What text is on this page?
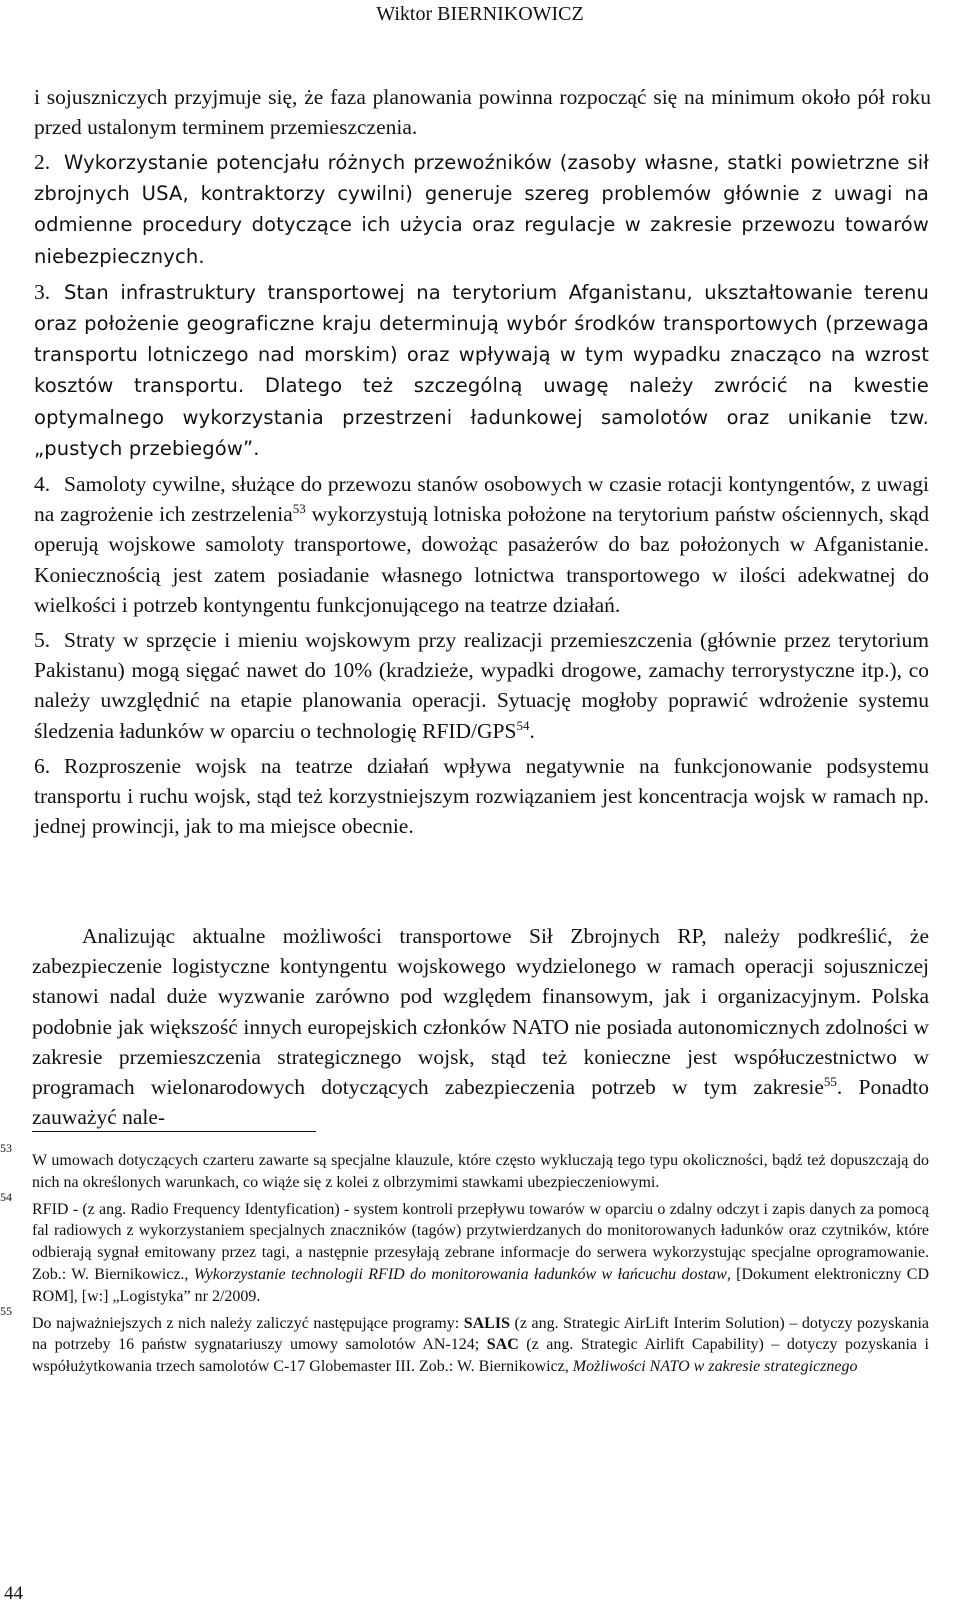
Wiktor BIERNIKOWICZ

i sojuszniczych przyjmuje się, że faza planowania powinna rozpocząć się na minimum około pół roku przed ustalonym terminem przemieszczenia.

2. Wykorzystanie potencjału różnych przewoźników (zasoby własne, statki powietrzne sił zbrojnych USA, kontraktorzy cywilni) generuje szereg problemów głównie z uwagi na odmienne procedury dotyczące ich użycia oraz regulacje w zakresie przewozu towarów niebezpiecznych.
3. Stan infrastruktury transportowej na terytorium Afganistanu, ukształtowanie terenu oraz położenie geograficzne kraju determinują wybór środków transportowych (przewaga transportu lotniczego nad morskim) oraz wpływają w tym wypadku znacząco na wzrost kosztów transportu. Dlatego też szczególną uwagę należy zwrócić na kwestie optymalnego wykorzystania przestrzeni ładunkowej samolotów oraz unikanie tzw. „pustych przebiegów”.
4. Samoloty cywilne, służące do przewozu stanów osobowych w czasie rotacji kontyngentów, z uwagi na zagrożenie ich zestrzelenia$^{53}$ wykorzystują lotniska położone na terytorium państw ościennych, skąd operują wojskowe samoloty transportowe, dowożąc pasażerów do baz położonych w Afganistanie. Koniecznością jest zatem posiadanie własnego lotnictwa transportowego w ilości adekwatnej do wielkości i potrzeb kontyngentu funkcjonującego na teatrze działań.
5. Straty w sprzęcie i mieniu wojskowym przy realizacji przemieszczenia (głównie przez terytorium Pakistanu) mogą sięgać nawet do 10% (kradzieże, wypadki drogowe, zamachy terrorystyczne itp.), co należy uwzględnić na etapie planowania operacji. Sytuację mogłoby poprawić wdrożenie systemu śledzenia ładunków w oparciu o technologię RFID/GPS$^{54}$.
6. Rozproszenie wojsk na teatrze działań wpływa negatywnie na funkcjonowanie podsystemu transportu i ruchu wojsk, stąd też korzystniejszym rozwiązaniem jest koncentracja wojsk w ramach np. jednej prowincji, jak to ma miejsce obecnie.

Analizując aktualne możliwości transportowe Sił Zbrojnych RP, należy podkreślić, że zabezpieczenie logistyczne kontyngentu wojskowego wydzielonego w ramach operacji sojuszniczej stanowi nadal duże wyzwanie zarówno pod względem finansowym, jak i organizacyjnym. Polska podobnie jak większość innych europejskich członków NATO nie posiada autonomicznych zdolności w zakresie przemieszczenia strategicznego wojsk, stąd też konieczne jest współuczestnictwo w programach wielonarodowych dotyczących zabezpieczenia potrzeb w tym zakresie$^{55}$. Ponadto zauważyć nale-

53
W umowach dotyczących czarteru zawarte są specjalne klauzule, które często wykluczają tego typu okoliczności, bądź też dopuszczają do nich na określonych warunkach, co wiąże się z kolei z olbrzymimi stawkami ubezpieczeniowymi.
54
RFID - (z ang. Radio Frequency Identyfication) - system kontroli przepływu towarów w oparciu o zdalny odczyt i zapis danych za pomocą fal radiowych z wykorzystaniem specjalnych znaczników (tagów) przytwierdzanych do monitorowanych ładunków oraz czytników, które odbierają sygnał emitowany przez tagi, a następnie przesyłają zebrane informacje do serwera wykorzystując specjalne oprogramowanie. Zob.: W. Biernikowicz., Wykorzystanie technologii RFID do monitorowania ładunków w łańcuchu dostaw, [Dokument elektroniczny CD ROM], [w:] „Logistyka” nr 2/2009.
55
Do najważniejszych z nich należy zaliczyć następujące programy: SALIS (z ang. Strategic AirLift Interim Solution) – dotyczy pozyskania na potrzeby 16 państw sygnatariuszy umowy samolotów AN-124; SAC (z ang. Strategic Airlift Capability) – dotyczy pozyskania i współużytkowania trzech samolotów C-17 Globemaster III. Zob.: W. Biernikowicz, Możliwości NATO w zakresie strategicznego
44
